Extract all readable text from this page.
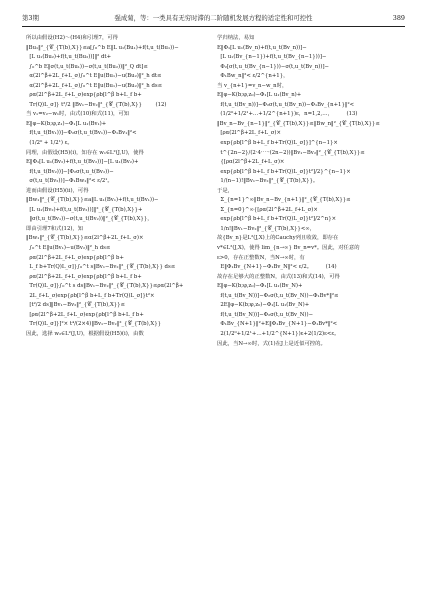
第3期	强成菊，等：一类具有无穷时滞的二阶随机发展方程的适定性和可控性	389
所以由假设(H2)～(H4)和引理7，可得
‖Bu₁‖²_{𝒞_{T(b),X}}≤a[∫₀^b E‖L u₁(Bu₁)+f(t,u_t(Bu₁))−
[L u₁(Bu₂)+f(t,u_t(Bu₂))]‖² dt+
∫₀^b E‖σ(t,u_t(Bu₁))−σ(t,u_t(Bu₂))‖²_Q dt]≤
α(2l^β+2L_f+L_σ)∫₀^t E‖u(Bu₁)−u(Bu₂)‖²_h dt≤
α(2l^β+2L_f+L_σ)∫₀^t E‖u(Bu₁)−u(Bu₂)‖²_h ds≤
ρα(2l^β+2L_f+L_σ)exp{ρb[l^β b+L_f b+
Tr(Q)L_σ]} t²/2 ‖Bv₁−Bv₂‖²_{𝒞_{T(b),X}}        (12)
当 v₁=v₂−w₁时，由式(10)和式(11)，可知
E‖φ−K(b;φ,z₁)−Φ₁[L u₁(Bv₁)+
f(t,u_t(Bv₁))]−Φ₂σ(t,u_t(Bv₁))−Φ₁Bv₁‖²<
(1/2⁰ + 1/2¹) ε。
同理，由假设(H5)(ⅰ)，知存在 w₁∈L²(J,U)，使得
E‖Φ₁[L u₁(Bv₂)+f(t,u_t(Bv₂))]−[L u₁(Bv₂)+
f(t,u_t(Bv₂))]−[Φ₂σ(t,u_t(Bv₂))−
σ(t,u_t(Bv₂))]−Φ₁Bw₁‖²< ε/2¹。
进而由假设(H5)(ⅱ)，可得
‖Bw₁‖²_{𝒞_{T(b),X}}≤a‖L u₁(Bv₁)+f(t,u_t(Bv₁))−
[L u₁(Bv₂)+f(t,u_t(Bv₂))]‖²_{𝒞_{T(b),X}}+
‖σ(t,u_t(Bv₁))−σ(t,u_t(Bv₂))‖²_{𝒞_{T(b),X}}，
即由引理7和式(12)，知
‖Bw₁‖²_{𝒞_{T(b),X}}≤α(2l^β+2L_f+L_σ)×
∫₀^t E‖u(Bv₁)−u(Bv₂)‖²_h ds≤
ρα(2l^β+2L_f+L_σ)exp{ρb[l^β b+
L_f b+Tr(Q)L_σ]}∫₀^t s‖Bv₁−Bv₂‖²_{𝒞_{T(b),X}} ds≤
ρα(2l^β+2L_f+L_σ)exp{ρb[l^β b+L_f b+
Tr(Q)L_σ]}∫₀^t s ds‖Bv₁−Bv₂‖²_{𝒞_{T(b),X}}≤ρα(2l^β+
2L_f+L_σ)exp{ρb[l^β b+L_f b+Tr(Q)L_σ]}t²×
[t²/2 ds]‖Bv₁−Bv₂‖²_{𝒞_{T(b),X}}≤
[ρα(2l^β+2L_f+L_σ)exp{ρb[l^β b+L_f b+
Tr(Q)L_σ]}]²× t⁴/(2×4)‖Bv₁−Bv₂‖²_{𝒞_{T(b),X}}
因此，选择 w₂∈L²(J,U)，根据假设(H5)(ⅰ)，由数
学归纳法，易知
E‖Φ₁[L u₁(Bv_n)+f(t,u_t(Bv_n))]−
[L u₁(Bv_{n−1})+f(t,u_t(Bv_{n−1}))]−
Φ₂[σ(t,u_t(Bv_{n−1}))−σ(t,u_t(Bv_n))]−
Φ₁Bw_n‖²< ε/2^{n+1}，
当 v_{n+1}=v_n−w_n时，
E‖φ−K(b;φ,z₀)−Φ₁[L u₁(Bv_n)+
f(t,u_t(Bv_n))]−Φ₂σ(t,u_t(Bv_n))−Φ₁Bv_{n+1}‖²<
(1/2⁰+1/2¹+…+1/2^{n+1})ε，n=1,2,…，        (13)
‖Bv_n−Bv_{n−1}‖²_{𝒞_{T(b),X}}≤‖Bw_n‖²_{𝒞_{T(b),X}}≤
[ρα(2l^β+2L_f+L_σ)×
exp{ρb[l^β b+L_f b+Tr(Q)L_σ]}]^{n−1}×
t^{2n−2}/(2·4·⋯·(2n−2))‖Bv₁−Bv₂‖²_{𝒞_{T(b),X}}≤
{[ρα(2l^β+2L_f+L_σ)×
exp{ρb[l^β b+L_f b+Tr(Q)L_σ]}t²]/2}^{n−1}×
1/(n−1)!‖Bv₁−Bv₂‖²_{𝒞_{T(b),X}}。
于是，
Σ_{n=1}^∞‖Bv_n−Bv_{n+1}‖²_{𝒞_{T(b),X}}≤
Σ_{n=0}^∞{[ρα(2l^β+2L_f+L_σ)×
exp{ρb[l^β b+L_f b+Tr(Q)L_σ]}t²]/2^n}×
1/n!‖Bv₁−Bv₂‖²_{𝒞_{T(b),X}}<∞，
故{Bv_n}是L²(J,X)上的Cauchy列且收敛，即存在
v*∈L²(J,X)，使得 lim_{n→∞} Bv_n=v*。因此，对任意的
ε>0，存在正整数N，当N→∞时，有
E‖Φ₁Bv_{N+1}−Φ₁Bv_N‖²< ε/2。        (14)
故存在足够大的正整数N，由式(13)和式(14)，可得
E‖φ−K(b;φ,z₀)−Φ₁[L u₁(Bv_N)+
f(t,u_t(Bv_N))]−Φ₂σ(t,u_t(Bv_N))−Φ₁Bv*‖²≤
2E‖φ−K(b;φ,z₀)−Φ₁[L u₁(Bv_N)+
f(t,u_t(Bv_N))]−Φ₂σ(t,u_t(Bv_N))−
Φ₁Bv_{N+1}‖²+E‖Φ₁Bv_{N+1}−Φ₁Bv*‖²<
2(1/2⁰+1/2¹+…+1/2^{N+1})ε+2(1/2)ε<ε。
因此，当N→∞时，式(1)在J上是近似可控的。
